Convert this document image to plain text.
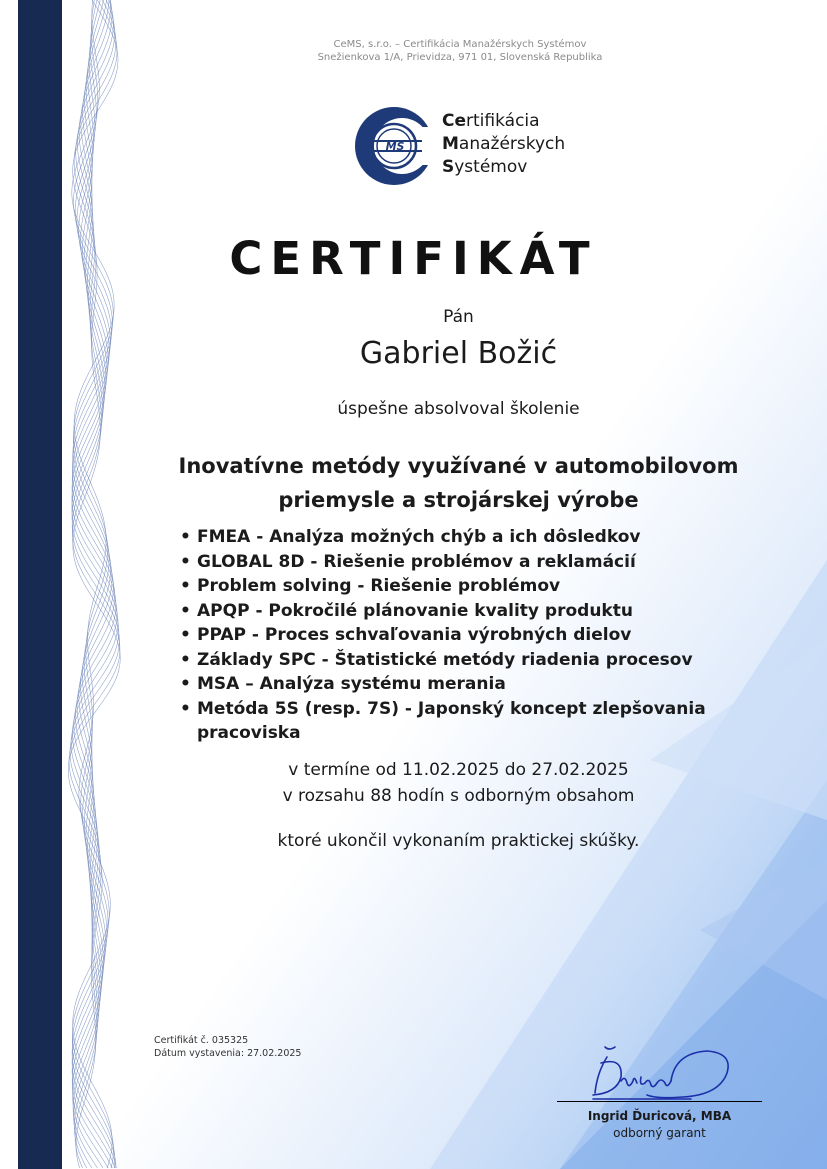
CeMS, s.r.o. – Certifikácia Manažérskych Systémov
Snežienkova 1/A, Prievidza, 971 01, Slovenská Republika
MS
Certifikácia
Manažérskych
Systémov
CERTIFIKÁT
Pán
Gabriel Božić
úspešne absolvoval školenie
Inovatívne metódy využívané v automobilovom
priemysle a strojárskej výrobe
• FMEA - Analýza možných chýb a ich dôsledkov
• GLOBAL 8D - Riešenie problémov a reklamácií
• Problem solving - Riešenie problémov
• APQP - Pokročilé plánovanie kvality produktu
• PPAP - Proces schvaľovania výrobných dielov
• Základy SPC - Štatistické metódy riadenia procesov
• MSA – Analýza systému merania
• Metóda 5S (resp. 7S) - Japonský koncept zlepšovania pracoviska
v termíne od 11.02.2025 do 27.02.2025
v rozsahu 88 hodín s odborným obsahom
ktoré ukončil vykonaním praktickej skúšky.
Certifikát č. 035325
Dátum vystavenia: 27.02.2025
Ingrid Ďuricová, MBA
odborný garant
